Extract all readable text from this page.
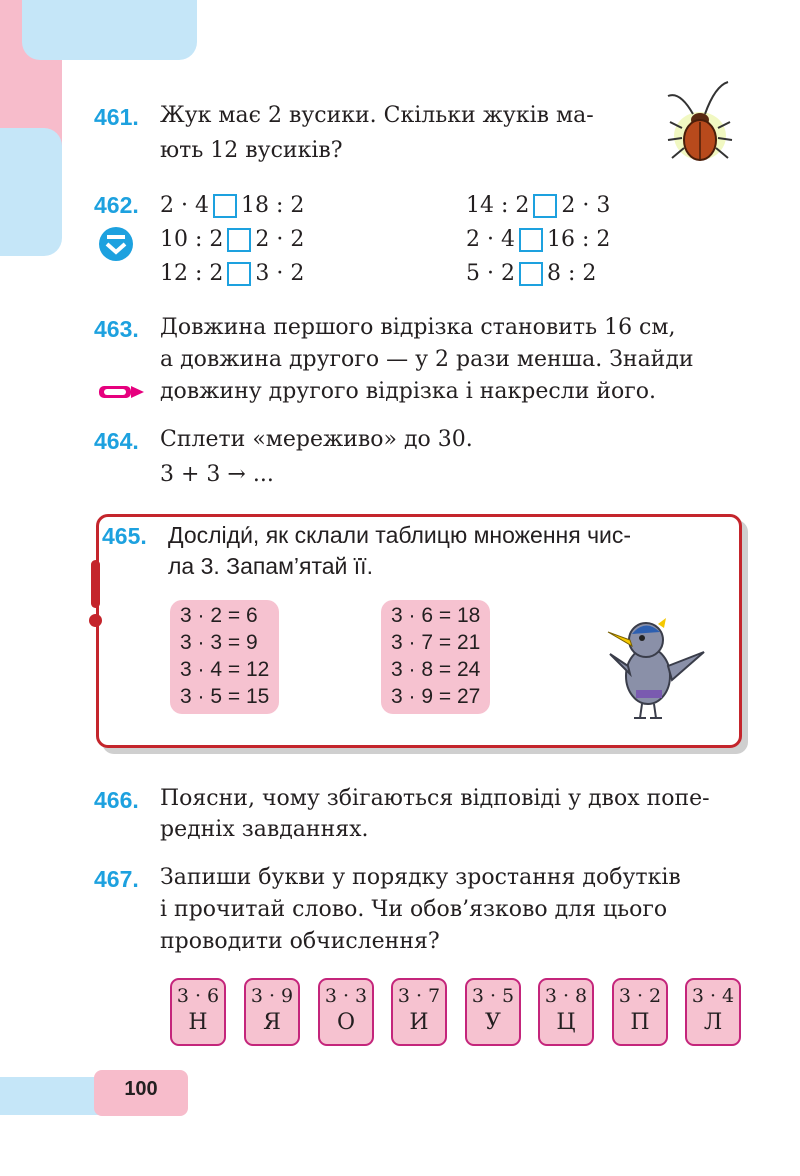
461. Жук має 2 вусики. Скільки жуків ма-
ють 12 вусиків?
462. 2 · 4 18 : 2
10 : 2 2 · 2
12 : 2 3 · 2
14 : 2 2 · 3
2 · 4 16 : 2
5 · 2 8 : 2
463. Довжина першого відрізка становить 16 см,
а довжина другого — у 2 рази менша. Знайди
довжину другого відрізка і накресли його.
464. Сплети «мереживо» до 30.
3 + 3 → ...
465. Досліди́, як склали таблицю множення чис-
ла 3. Запам’ятай її.
3 · 2 = 6
3 · 3 = 9
3 · 4 = 12
3 · 5 = 15
3 · 6 = 18
3 · 7 = 21
3 · 8 = 24
3 · 9 = 27
466. Поясни, чому збігаються відповіді у двох попе-
редніх завданнях.
467. Запиши букви у порядку зростання добутків
і прочитай слово. Чи обов’язково для цього
проводити обчислення?
3 · 6
Н
3 · 9
Я
3 · 3
О
3 · 7
И
3 · 5
У
3 · 8
Ц
3 · 2
П
3 · 4
Л
100
